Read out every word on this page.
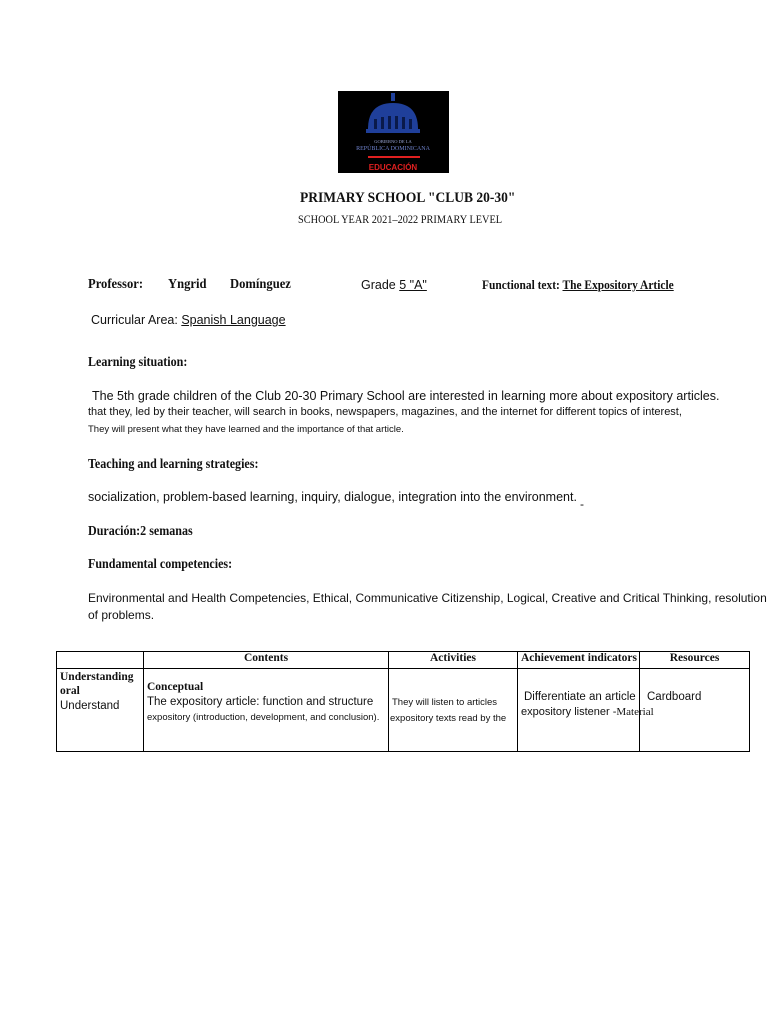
GOBIERNO DE LA
REPÚBLICA DOMINICANA
EDUCACIÓN
PRIMARY SCHOOL "CLUB 20-30"
SCHOOL YEAR 2021–2022 PRIMARY LEVEL
Professor: Yngrid Domínguez	Grade 5 "A"	Functional text: The Expository Article
Curricular Area: Spanish Language
Learning situation:
The 5th grade children of the Club 20-30 Primary School are interested in learning more about expository articles.
that they, led by their teacher, will search in books, newspapers, magazines, and the internet for different topics of interest,
They will present what they have learned and the importance of that article.
Teaching and learning strategies:
socialization, problem-based learning, inquiry, dialogue, integration into the environment. -
Duración:2 semanas
Fundamental competencies:
Environmental and Health Competencies, Ethical, Communicative Citizenship, Logical, Creative and Critical Thinking, resolution
of problems.
	Contents	Activities	Achievement indicators	Resources

Understanding
oral
Understand	Conceptual
The expository article: function and structure
expository (introduction, development, and conclusion).	They will listen to articles
expository texts read by the	Differentiate an article
expository listener -Material	Cardboard
